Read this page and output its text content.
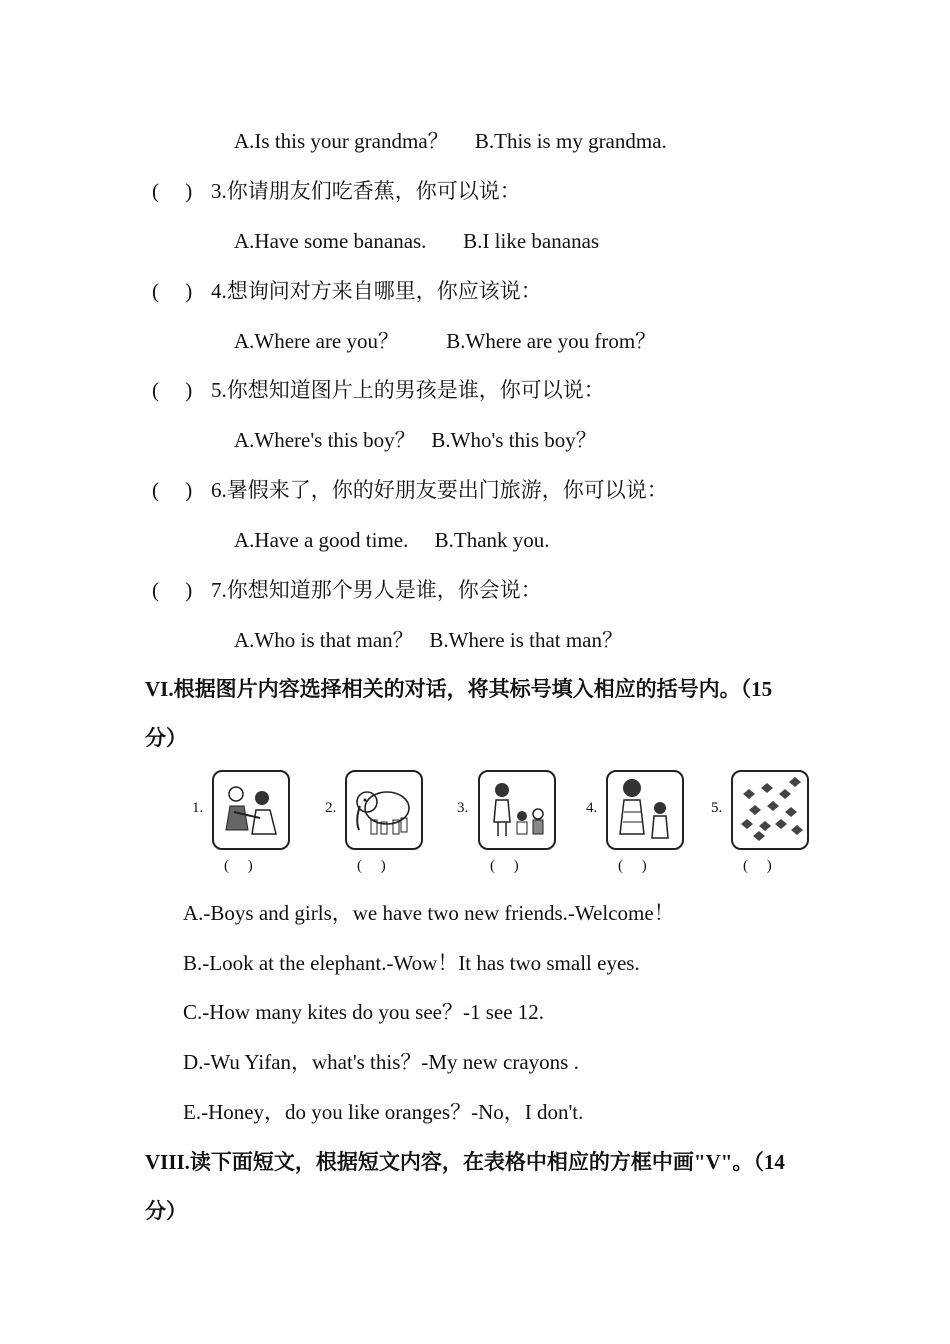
A.Is this your grandma？     B.This is my grandma.
(     ) 3.你请朋友们吃香蕉，你可以说：
A.Have some bananas.       B.I like bananas
(     ) 4.想询问对方来自哪里，你应该说：
A.Where are you？         B.Where are you from？
(     ) 5.你想知道图片上的男孩是谁，你可以说：
A.Where's this boy？   B.Who's this boy？
(     ) 6.暑假来了，你的好朋友要出门旅游，你可以说：
A.Have a good time.     B.Thank you.
(     ) 7.你想知道那个男人是谁，你会说：
A.Who is that man？   B.Where is that man？
VI.根据图片内容选择相关的对话，将其标号填入相应的括号内。（15
分）
1.
(     )
2.
(     )
3.
(     )
4.
(     )
5.
(     )
A.-Boys and girls，we have two new friends.-Welcome！
B.-Look at the elephant.-Wow！It has two small eyes.
C.-How many kites do you see？-1 see 12.
D.-Wu Yifan，what's this？-My new crayons .
E.-Honey，do you like oranges？-No，I don't.
VIII.读下面短文，根据短文内容，在表格中相应的方框中画"V"。（14
分）
